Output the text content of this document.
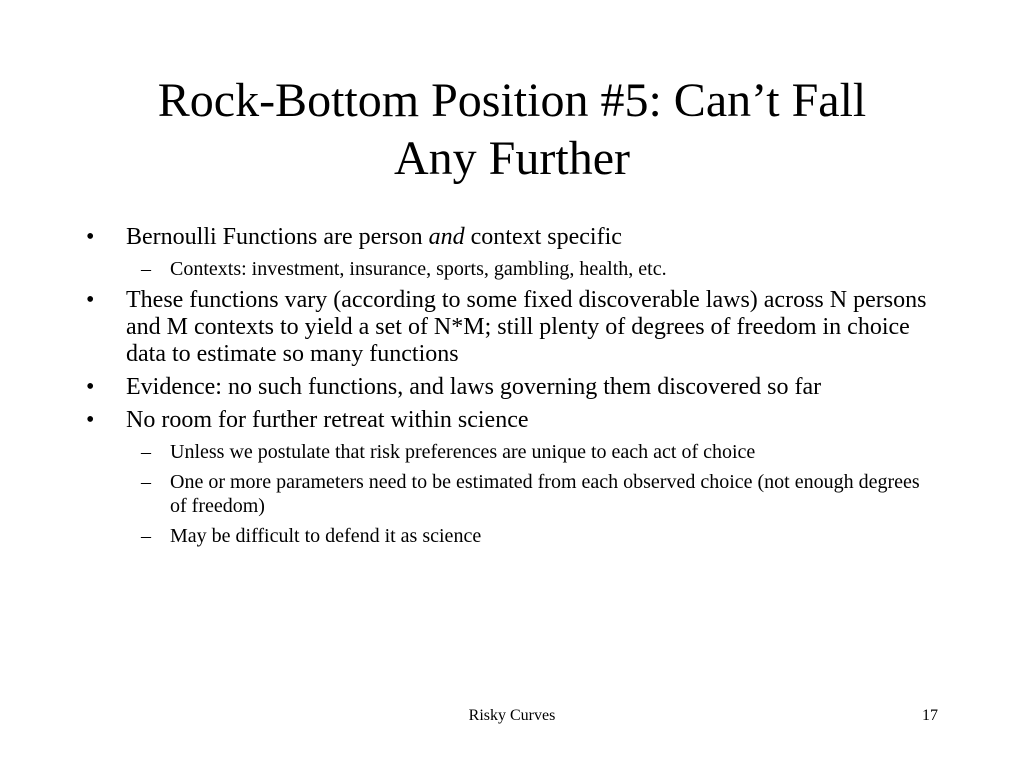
Rock-Bottom Position #5: Can’t Fall
Any Further
• Bernoulli Functions are person and context specific
– Contexts: investment, insurance, sports, gambling, health, etc.
• These functions vary (according to some fixed discoverable laws) across N persons and M contexts to yield a set of N*M; still plenty of degrees of freedom in choice data to estimate so many functions
• Evidence: no such functions, and laws governing them discovered so far
• No room for further retreat within science
– Unless we postulate that risk preferences are unique to each act of choice
– One or more parameters need to be estimated from each observed choice (not enough degrees of freedom)
– May be difficult to defend it as science
Risky Curves	17
